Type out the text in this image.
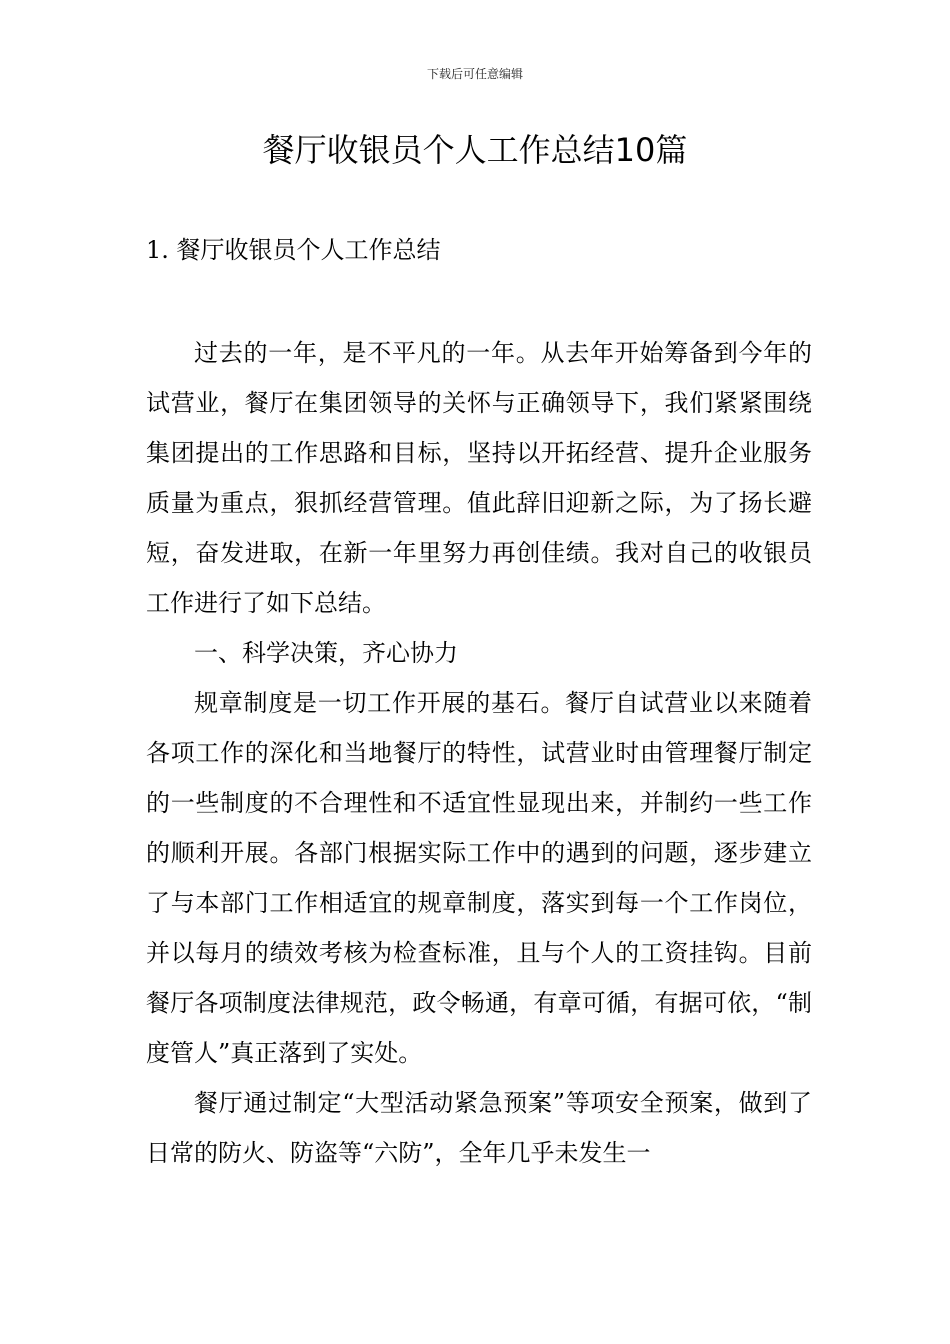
下载后可任意编辑
餐厅收银员个人工作总结10篇
1. 餐厅收银员个人工作总结

过去的一年，是不平凡的一年。从去年开始筹备到今年的试营业，餐厅在集团领导的关怀与正确领导下，我们紧紧围绕集团提出的工作思路和目标，坚持以开拓经营、提升企业服务质量为重点，狠抓经营管理。值此辞旧迎新之际，为了扬长避短，奋发进取，在新一年里努力再创佳绩。我对自己的收银员工作进行了如下总结。

一、科学决策，齐心协力

规章制度是一切工作开展的基石。餐厅自试营业以来随着各项工作的深化和当地餐厅的特性，试营业时由管理餐厅制定的一些制度的不合理性和不适宜性显现出来，并制约一些工作的顺利开展。各部门根据实际工作中的遇到的问题，逐步建立了与本部门工作相适宜的规章制度，落实到每一个工作岗位，并以每月的绩效考核为检查标准，且与个人的工资挂钩。目前餐厅各项制度法律规范，政令畅通，有章可循，有据可依，“制度管人”真正落到了实处。

餐厅通过制定“大型活动紧急预案”等项安全预案，做到了日常的防火、防盗等“六防”，全年几乎未发生一
